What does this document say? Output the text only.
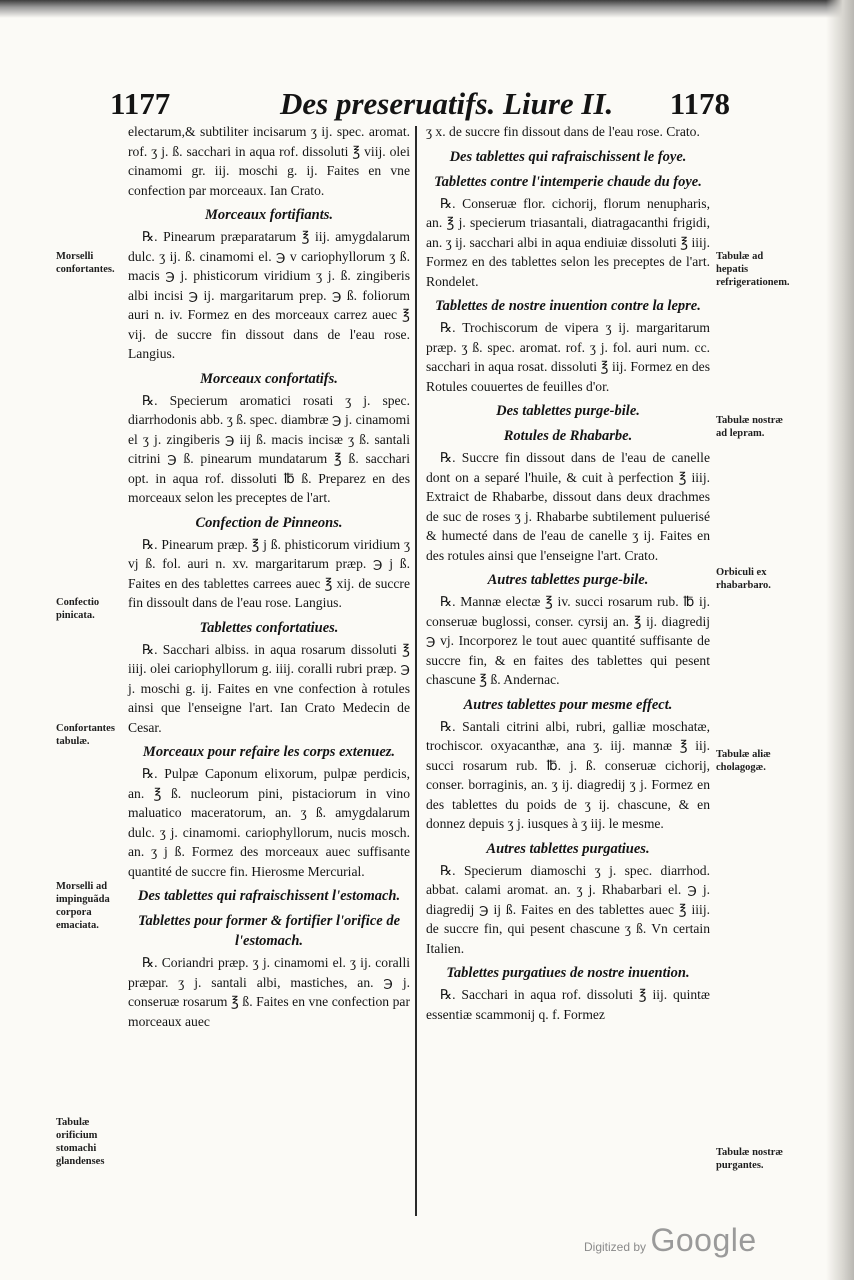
1177	Des preseruatifs. Liure II. 1178

electarum,& subtiliter incisarum ʒ ij. spec. aromat. rof. ʒ j. ß. sacchari in aqua rof. dissoluti ℥ viij. olei cinamomi gr. iij. moschi g. ij. Faites en vne confection par morceaux. Ian Crato.

Morceaux fortifiants.

℞. Pinearum præparatarum ℥ iij. amygdalarum dulc. ʒ ij. ß. cinamomi el. ℈ v cariophyllorum ʒ ß. macis ℈ j. phisticorum viridium ʒ j. ß. zingiberis albi incisi ℈ ij. margaritarum prep. ℈ ß. foliorum auri n. iv. Formez en des morceaux carrez auec ℥ vij. de succre fin dissout dans de l'eau rose. Langius.

Morceaux confortatifs.

℞. Specierum aromatici rosati ʒ j. spec. diarrhodonis abb. ʒ ß. spec. diambræ ℈ j. cinamomi el ʒ j. zingiberis ℈ iij ß. macis incisæ ʒ ß. santali citrini ℈ ß. pinearum mundatarum ℥ ß. sacchari opt. in aqua rof. dissoluti ℔ ß. Preparez en des morceaux selon les preceptes de l'art.

Confection de Pinneons.

℞. Pinearum præp. ℥ j ß. phisticorum viridium ʒ vj ß. fol. auri n. xv. margaritarum præp. ℈ j ß. Faites en des tablettes carrees auec ℥ xij. de succre fin dissoult dans de l'eau rose. Langius.

Tablettes confortatiues.

℞. Sacchari albiss. in aqua rosarum dissoluti ℥ iiij. olei cariophyllorum g. iiij. coralli rubri præp. ℈ j. moschi g. ij. Faites en vne confection à rotules ainsi que l'enseigne l'art. Ian Crato Medecin de Cesar.

Morceaux pour refaire les corps extenuez.

℞. Pulpæ Caponum elixorum, pulpæ perdicis, an. ℥ ß. nucleorum pini, pistaciorum in vino maluatico maceratorum, an. ʒ ß. amygdalarum dulc. ʒ j. cinamomi. cariophyllorum, nucis mosch. an. ʒ j ß. Formez des morceaux auec suffisante quantité de succre fin. Hierosme Mercurial.

Des tablettes qui rafraischissent l'estomach.
Tablettes pour former & fortifier l'orifice de l'estomach.

℞. Coriandri præp. ʒ j. cinamomi el. ʒ ij. coralli præpar. ʒ j. santali albi, mastiches, an. ℈ j. conseruæ rosarum ℥ ß. Faites en vne confection par morceaux auec

ʒ x. de succre fin dissout dans de l'eau rose. Crato.

Des tablettes qui rafraischissent le foye.
Tablettes contre l'intemperie chaude du foye.

℞. Conseruæ flor. cichorij, florum nenupharis, an. ℥ j. specierum triasantali, diatragacanthi frigidi, an. ʒ ij. sacchari albi in aqua endiuiæ dissoluti ℥ iiij. Formez en des tablettes selon les preceptes de l'art. Rondelet.

Tablettes de nostre inuention contre la lepre.

℞. Trochiscorum de vipera ʒ ij. margaritarum præp. ʒ ß. spec. aromat. rof. ʒ j. fol. auri num. cc. sacchari in aqua rosat. dissoluti ℥ iij. Formez en des Rotules couuertes de feuilles d'or.

Des tablettes purge-bile.
Rotules de Rhabarbe.

℞. Succre fin dissout dans de l'eau de canelle dont on a separé l'huile, & cuit à perfection ℥ iiij. Extraict de Rhabarbe, dissout dans deux drachmes de suc de roses ʒ j. Rhabarbe subtilement puluerisé & humecté dans de l'eau de canelle ʒ ij. Faites en des rotules ainsi que l'enseigne l'art. Crato.

Autres tablettes purge-bile.

℞. Mannæ electæ ℥ iv. succi rosarum rub. ℔ ij. conseruæ buglossi, conser. cyrsij an. ℥ ij. diagredij ℈ vj. Incorporez le tout auec quantité suffisante de succre fin, & en faites des tablettes qui pesent chascune ℥ ß. Andernac.

Autres tablettes pour mesme effect.

℞. Santali citrini albi, rubri, galliæ moschatæ, trochiscor. oxyacanthæ, ana ʒ. iij. mannæ ℥ iij. succi rosarum rub. ℔. j. ß. conseruæ cichorij, conser. borraginis, an. ʒ ij. diagredij ʒ j. Formez en des tablettes du poids de ʒ ij. chascune, & en donnez depuis ʒ j. iusques à ʒ iij. le mesme.

Autres tablettes purgatiues.

℞. Specierum diamoschi ʒ j. spec. diarrhod. abbat. calami aromat. an. ʒ j. Rhabarbari el. ℈ j. diagredij ℈ ij ß. Faites en des tablettes auec ℥ iiij. de succre fin, qui pesent chascune ʒ ß. Vn certain Italien.

Tablettes purgatiues de nostre inuention.

℞. Sacchari in aqua rof. dissoluti ℥ iij. quintæ essentiæ scammonij q. f. Formez

Morselli confortantes.
Confectio pinicata.
Confortantes tabulæ.
Morselli ad impinguãda corpora emaciata.
Tabulæ orificium stomachi glandenses
Tabulæ ad hepatis refrigerationem.
Tabulæ nostræ ad lepram.
Orbiculi ex rhabarbaro.
Tabulæ aliæ cholagogæ.
Tabulæ nostræ purgantes.
Digitized by Google
